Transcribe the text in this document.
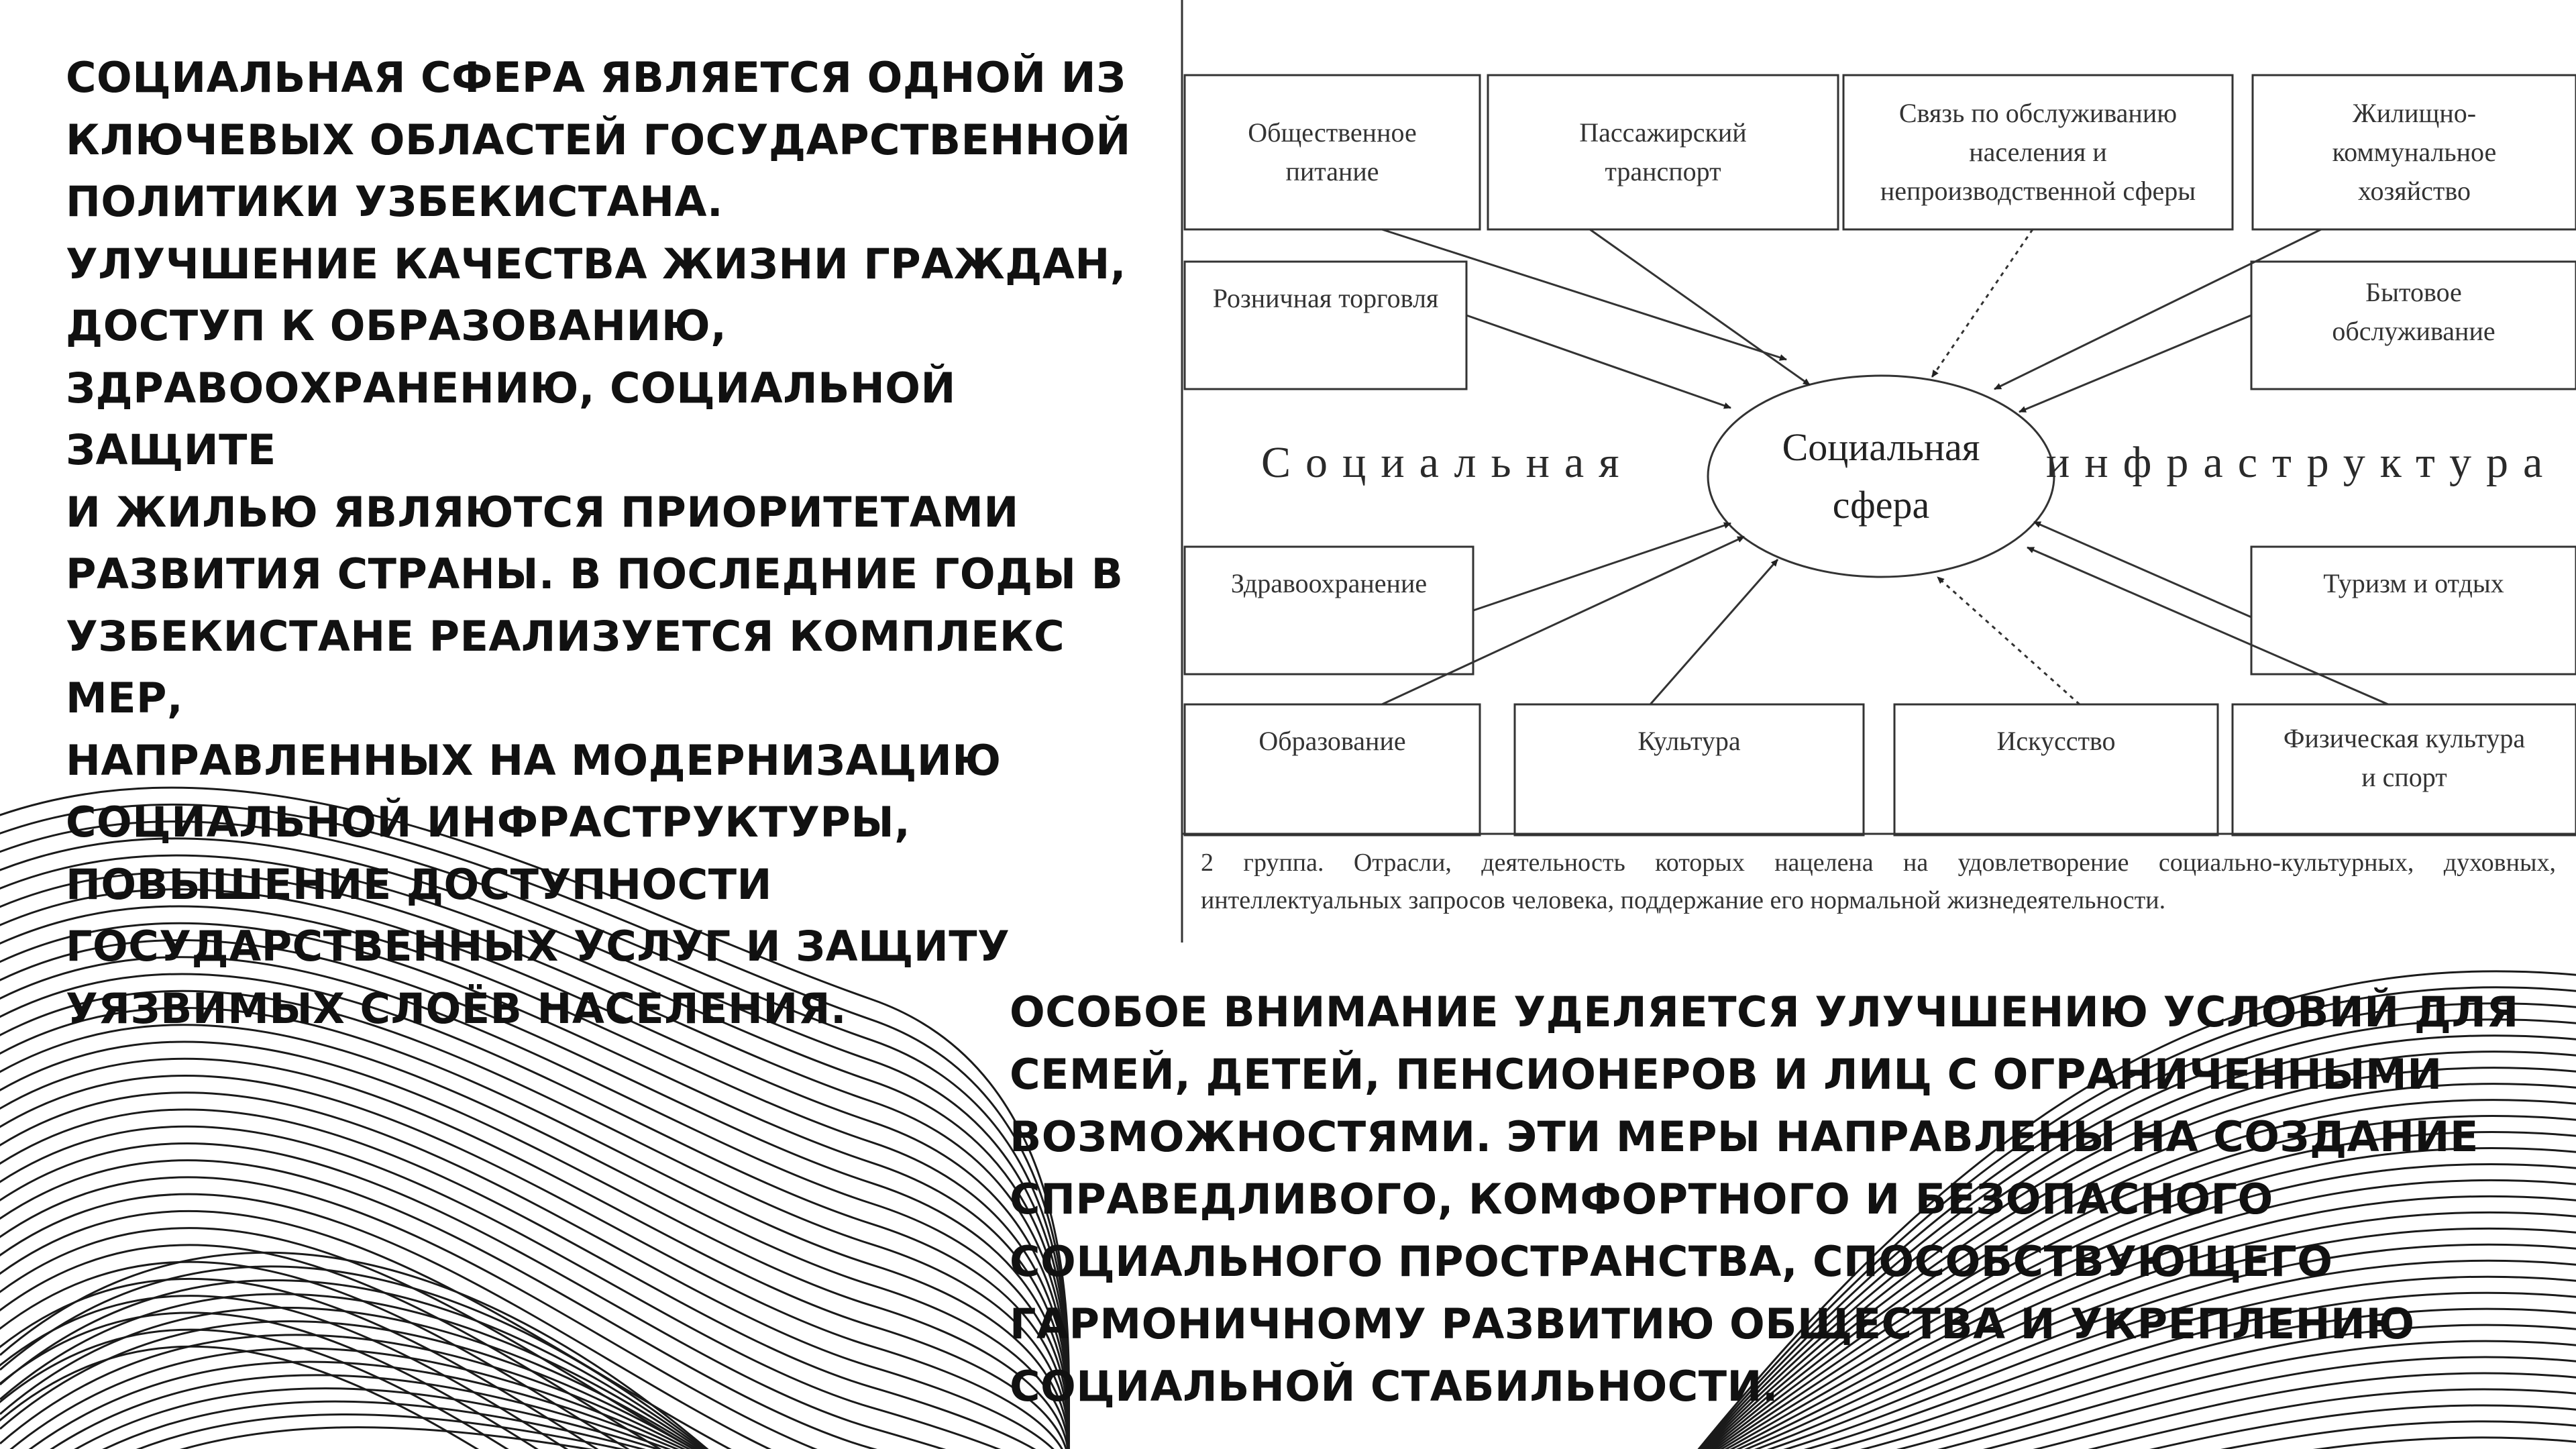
СОЦИАЛЬНАЯ СФЕРА ЯВЛЯЕТСЯ ОДНОЙ ИЗ
КЛЮЧЕВЫХ ОБЛАСТЕЙ ГОСУДАРСТВЕННОЙ
ПОЛИТИКИ УЗБЕКИСТАНА.
УЛУЧШЕНИЕ КАЧЕСТВА ЖИЗНИ ГРАЖДАН,
ДОСТУП К ОБРАЗОВАНИЮ,
ЗДРАВООХРАНЕНИЮ, СОЦИАЛЬНОЙ ЗАЩИТЕ
И ЖИЛЬЮ ЯВЛЯЮТСЯ ПРИОРИТЕТАМИ
РАЗВИТИЯ СТРАНЫ. В ПОСЛЕДНИЕ ГОДЫ В
УЗБЕКИСТАНЕ РЕАЛИЗУЕТСЯ КОМПЛЕКС МЕР,
НАПРАВЛЕННЫХ НА МОДЕРНИЗАЦИЮ
СОЦИАЛЬНОЙ ИНФРАСТРУКТУРЫ,
ПОВЫШЕНИЕ ДОСТУПНОСТИ
ГОСУДАРСТВЕННЫХ УСЛУГ И ЗАЩИТУ
УЯЗВИМЫХ СЛОЁВ НАСЕЛЕНИЯ.
Общественное
питание
Пассажирский
транспорт
Связь по обслуживанию
населения и
непроизводственной сферы
Жилищно-
коммунальное
хозяйство
Розничная торговля	Бытовое
обслуживание
Социальная	инфраструктура
Социальная
сфера
Здравоохранение	Туризм и отдых
Образование	Культура	Искусство	Физическая культура
и спорт
2 группа. Отрасли, деятельность которых нацелена на удовлетворение социально-культурных, духовных,
интеллектуальных запросов человека, поддержание его нормальной жизнедеятельности.
ОСОБОЕ ВНИМАНИЕ УДЕЛЯЕТСЯ УЛУЧШЕНИЮ УСЛОВИЙ ДЛЯ
СЕМЕЙ, ДЕТЕЙ, ПЕНСИОНЕРОВ И ЛИЦ С ОГРАНИЧЕННЫМИ
ВОЗМОЖНОСТЯМИ. ЭТИ МЕРЫ НАПРАВЛЕНЫ НА СОЗДАНИЕ
СПРАВЕДЛИВОГО, КОМФОРТНОГО И БЕЗОПАСНОГО
СОЦИАЛЬНОГО ПРОСТРАНСТВА, СПОСОБСТВУЮЩЕГО
ГАРМОНИЧНОМУ РАЗВИТИЮ ОБЩЕСТВА И УКРЕПЛЕНИЮ
СОЦИАЛЬНОЙ СТАБИЛЬНОСТИ.
